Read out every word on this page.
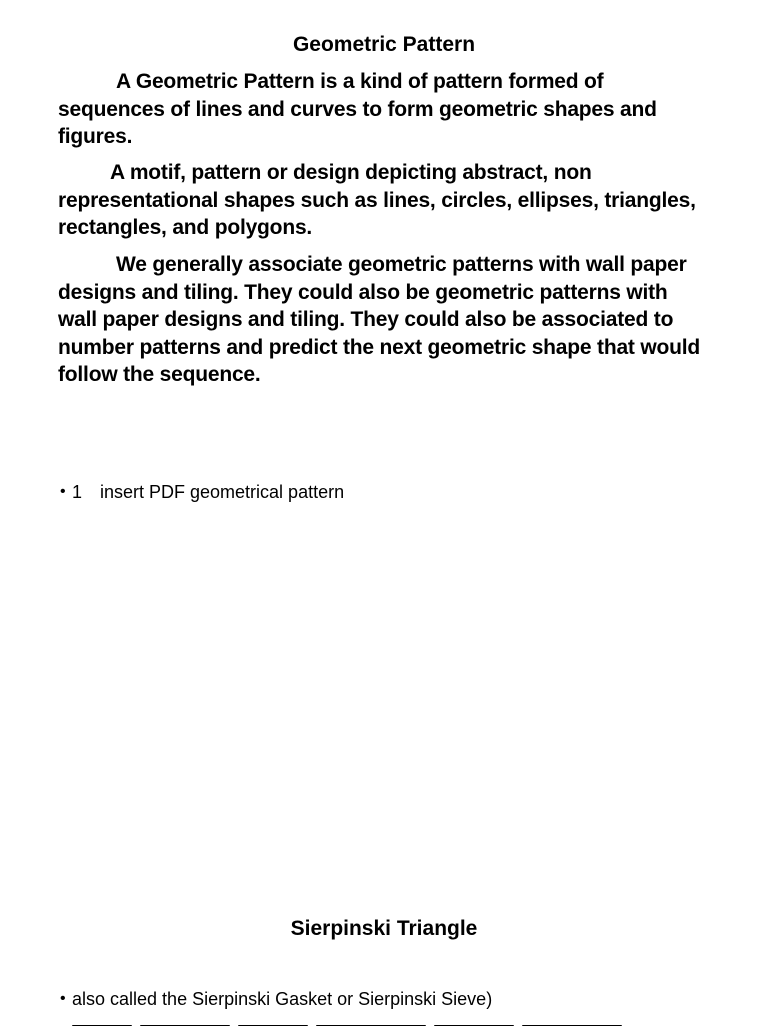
Geometric Pattern

A Geometric Pattern is a kind of pattern formed of sequences of lines and curves to form geometric shapes and figures.

A motif, pattern or design depicting abstract, non representational shapes such as lines, circles, ellipses, triangles, rectangles, and polygons.

We generally associate geometric patterns with wall paper designs and tiling. They could also be geometric patterns with wall paper designs and tiling. They could also be associated to number patterns and predict the next geometric shape that would follow the sequence.

• 1 insert PDF geometrical pattern
Sierpinski Triangle
• also called the Sierpinski Gasket or Sierpinski Sieve)
